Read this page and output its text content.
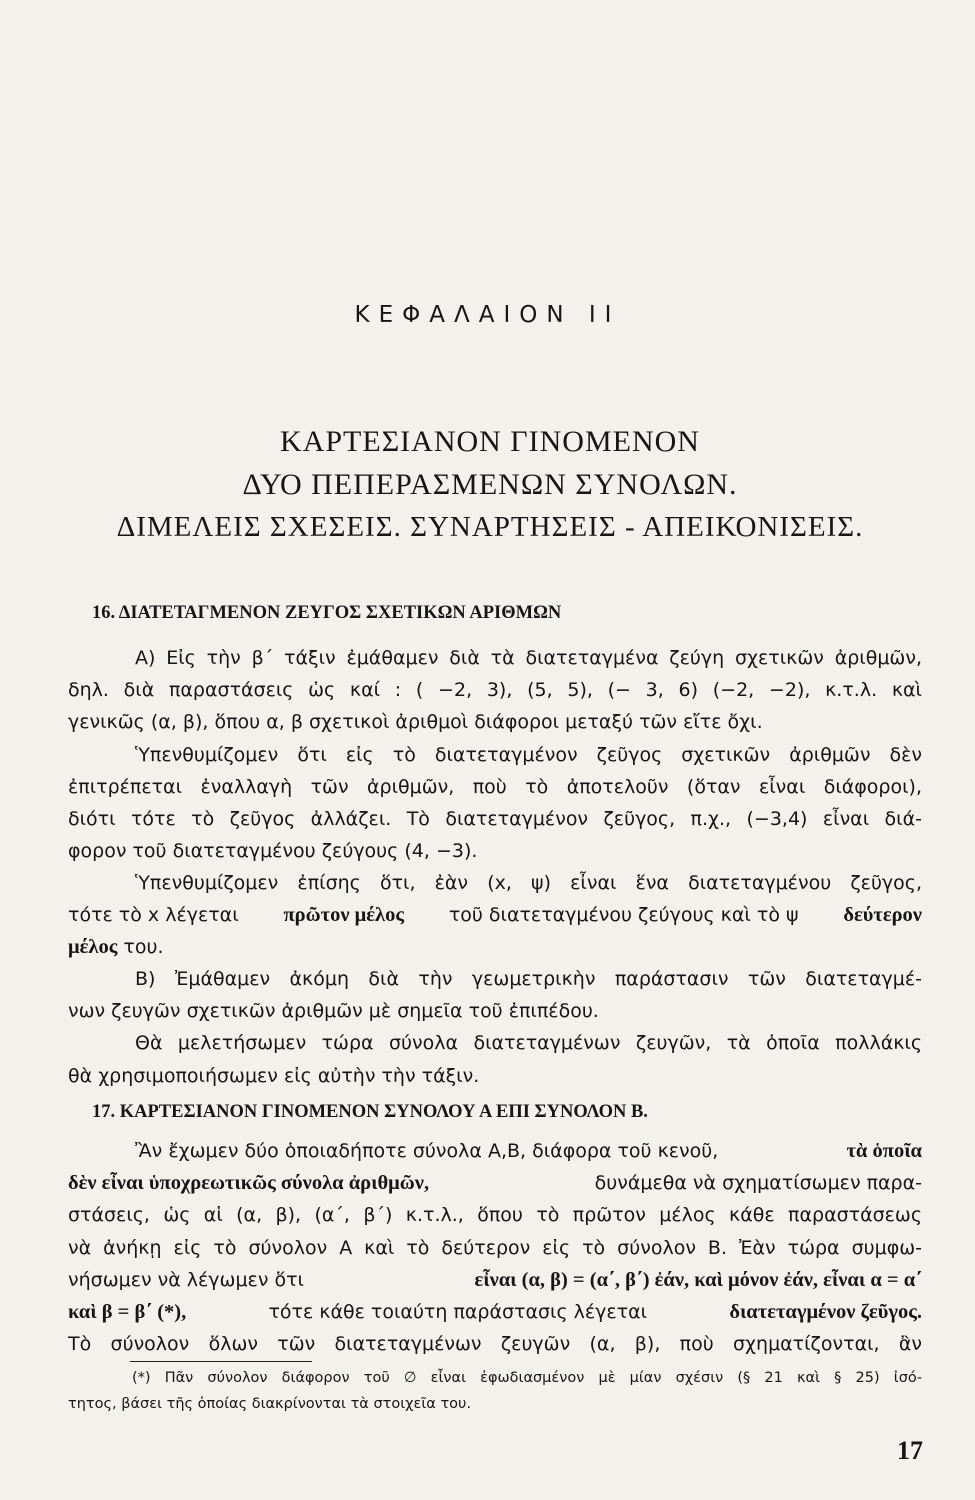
ΚΕΦΑΛΑΙΟΝ ΙΙ
ΚΑΡΤΕΣΙΑΝΟΝ ΓΙΝΟΜΕΝΟΝ
ΔΥΟ ΠΕΠΕΡΑΣΜΕΝΩΝ ΣΥΝΟΛΩΝ.
ΔΙΜΕΛΕΙΣ ΣΧΕΣΕΙΣ. ΣΥΝΑΡΤΗΣΕΙΣ - ΑΠΕΙΚΟΝΙΣΕΙΣ.
16. ΔΙΑΤΕΤΑΓΜΕΝΟΝ ΖΕΥΓΟΣ ΣΧΕΤΙΚΩΝ ΑΡΙΘΜΩΝ
Α) Εἰς τὴν β΄ τάξιν ἐμάθαμεν διὰ τὰ διατεταγμένα ζεύγη σχετικῶν ἀριθμῶν,
δηλ. διὰ παραστάσεις ὡς καί : ( −2, 3), (5, 5), (− 3, 6) (−2, −2), κ.τ.λ. καὶ
γενικῶς (α, β), ὅπου α, β σχετικοὶ ἀριθμοὶ διάφοροι μεταξύ τῶν εἴτε ὄχι.
Ὑπενθυμίζομεν ὅτι εἰς τὸ διατεταγμένον ζεῦγος σχετικῶν ἀριθμῶν δὲν
ἐπιτρέπεται ἐναλλαγὴ τῶν ἀριθμῶν, ποὺ τὸ ἀποτελοῦν (ὅταν εἶναι διάφοροι),
διότι τότε τὸ ζεῦγος ἀλλάζει. Τὸ διατεταγμένον ζεῦγος, π.χ., (−3,4) εἶναι διά-
φορον τοῦ διατεταγμένου ζεύγους (4, −3).
Ὑπενθυμίζομεν ἐπίσης ὅτι, ἐὰν (x, ψ) εἶναι ἕνα διατεταγμένου ζεῦγος,
τότε τὸ x λέγεται πρῶτον μέλος τοῦ διατεταγμένου ζεύγους καὶ τὸ ψ δεύτερον
μέλος του.
Β) Ἐμάθαμεν ἀκόμη διὰ τὴν γεωμετρικὴν παράστασιν τῶν διατεταγμέ-
νων ζευγῶν σχετικῶν ἀριθμῶν μὲ σημεῖα τοῦ ἐπιπέδου.
Θὰ μελετήσωμεν τώρα σύνολα διατεταγμένων ζευγῶν, τὰ ὁποῖα πολλάκις
θὰ χρησιμοποιήσωμεν εἰς αὐτὴν τὴν τάξιν.
17. ΚΑΡΤΕΣΙΑΝΟΝ ΓΙΝΟΜΕΝΟΝ ΣΥΝΟΛΟΥ Α ΕΠΙ ΣΥΝΟΛΟΝ Β.
Ἂν ἔχωμεν δύο ὁποιαδήποτε σύνολα Α,Β, διάφορα τοῦ κενοῦ,	τὰ ὁποῖα
δὲν εἶναι ὑποχρεωτικῶς σύνολα ἀριθμῶν,	δυνάμεθα νὰ σχηματίσωμεν παρα-
στάσεις, ὡς αἱ (α, β), (α΄, β΄) κ.τ.λ., ὅπου τὸ πρῶτον μέλος κάθε παραστάσεως
νὰ ἀνήκῃ εἰς τὸ σύνολον Α καὶ τὸ δεύτερον εἰς τὸ σύνολον Β. Ἐὰν τώρα συμφω-
νήσωμεν νὰ λέγωμεν ὅτι	εἶναι (α, β) = (α΄, β΄) ἐάν, καὶ μόνον ἐάν, εἶναι α = α΄
καὶ β = β΄ (*),	τότε κάθε τοιαύτη παράστασις λέγεται	διατεταγμένον ζεῦγος.
Τὸ σύνολον ὅλων τῶν διατεταγμένων ζευγῶν (α, β), ποὺ σχηματίζονται, ἂν
(*) Πᾶν σύνολον διάφορον τοῦ ∅ εἶναι ἐφωδιασμένον μὲ μίαν σχέσιν (§ 21 καὶ § 25) ἰσό-
τητος, βάσει τῆς ὁποίας διακρίνονται τὰ στοιχεῖα του.
17
